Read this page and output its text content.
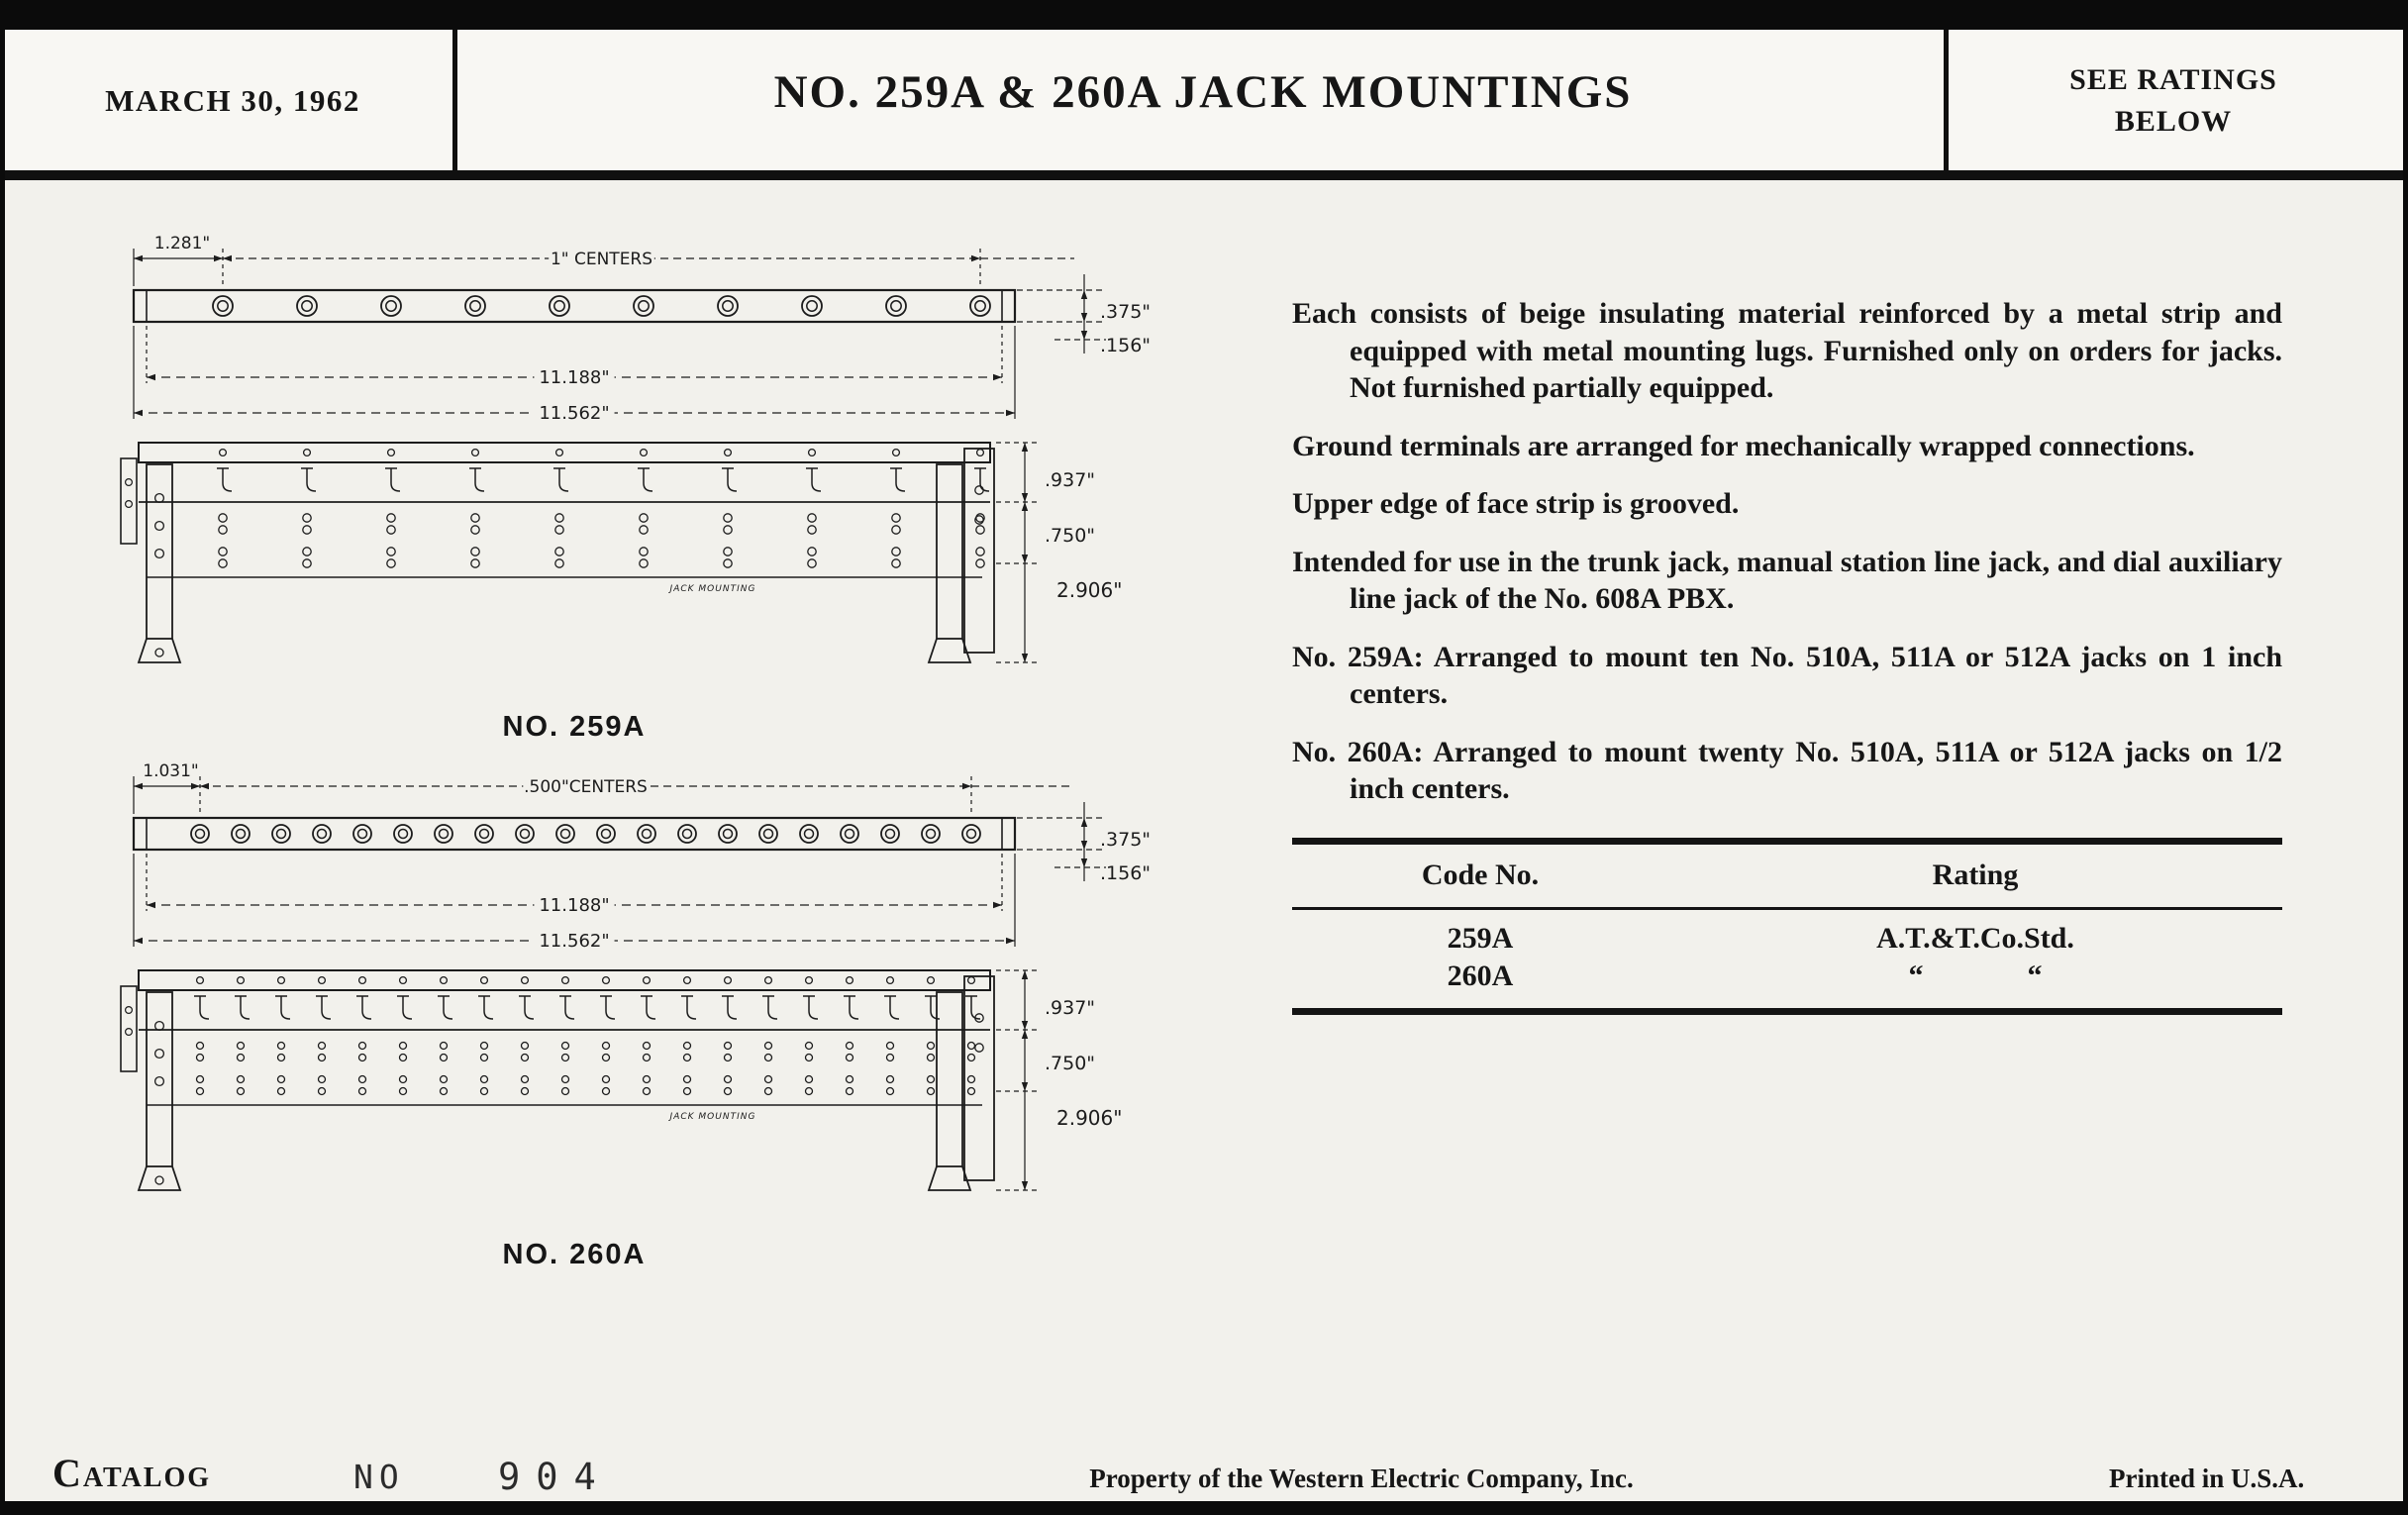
MARCH 30, 1962	NO. 259A & 260A JACK MOUNTINGS	SEE RATINGS
BELOW
1.281"
1" CENTERS
.375"
.156"
11.188"
11.562"
JACK MOUNTING
.937"
.750"
2.906"
NO. 259A
1.031"
.500"CENTERS
.375"
.156"
11.188"
11.562"
JACK MOUNTING
.937"
.750"
2.906"
NO. 260A

Each consists of beige insulating material reinforced by a metal strip and equipped with metal mounting lugs. Furnished only on orders for jacks. Not furnished partially equipped.

Ground terminals are arranged for mechanically wrapped connections.

Upper edge of face strip is grooved.

Intended for use in the trunk jack, manual station line jack, and dial auxiliary line jack of the No. 608A PBX.

No. 259A: Arranged to mount ten No. 510A, 511A or 512A jacks on 1 inch centers.

No. 260A: Arranged to mount twenty No. 510A, 511A or 512A jacks on 1/2 inch centers.

Code No.	Rating
259A	A.T.&T.Co.Std.
260A	“              “
Catalog	NO	904	Property of the Western Electric Company, Inc.	Printed in U.S.A.
